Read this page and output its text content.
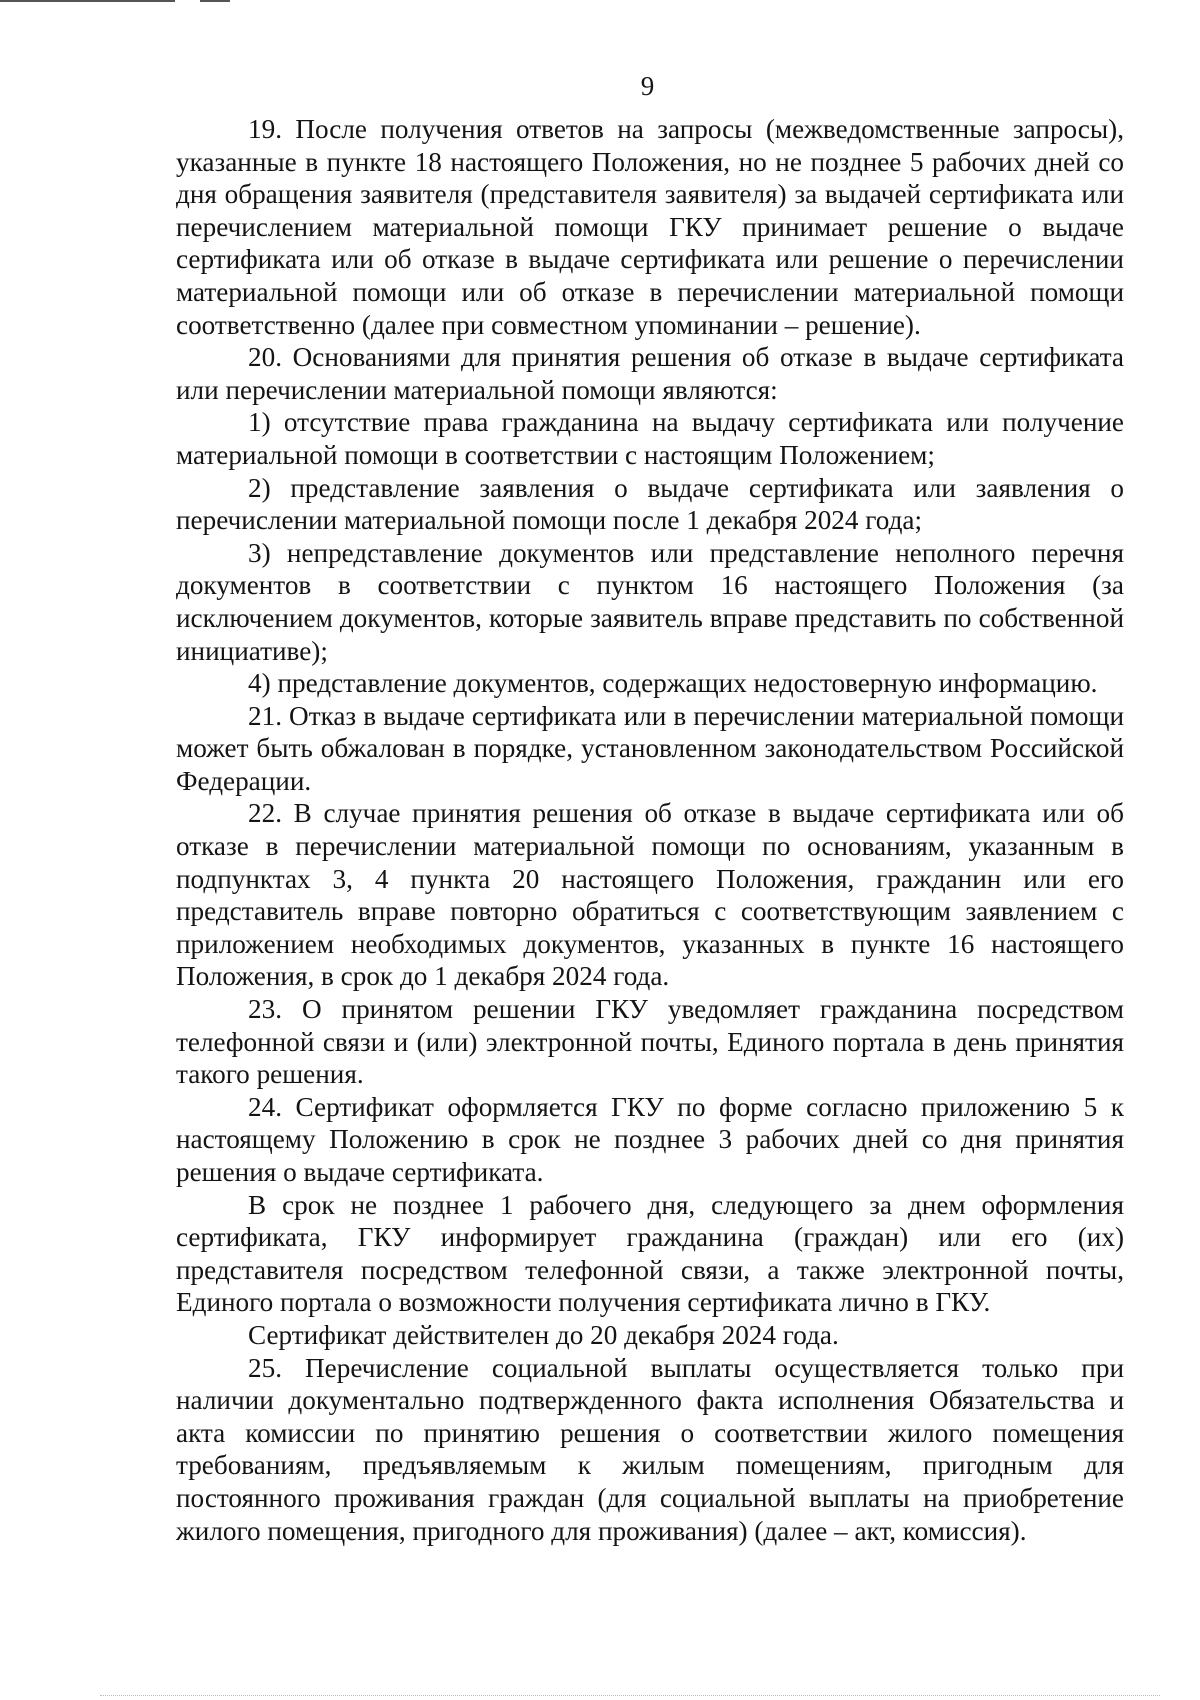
9

19. После получения ответов на запросы (межведомственные запросы), указанные в пункте 18 настоящего Положения, но не позднее 5 рабочих дней со дня обращения заявителя (представителя заявителя) за выдачей сертификата или перечислением материальной помощи ГКУ принимает решение о выдаче сертификата или об отказе в выдаче сертификата или решение о перечислении материальной помощи или об отказе в перечислении материальной помощи соответственно (далее при совместном упоминании – решение).

20. Основаниями для принятия решения об отказе в выдаче сертификата или перечислении материальной помощи являются:

1) отсутствие права гражданина на выдачу сертификата или получение материальной помощи в соответствии с настоящим Положением;

2) представление заявления о выдаче сертификата или заявления о перечислении материальной помощи после 1 декабря 2024 года;

3) непредставление документов или представление неполного перечня документов в соответствии с пунктом 16 настоящего Положения (за исключением документов, которые заявитель вправе представить по собственной инициативе);

4) представление документов, содержащих недостоверную информацию.

21. Отказ в выдаче сертификата или в перечислении материальной помощи может быть обжалован в порядке, установленном законодательством Российской Федерации.

22. В случае принятия решения об отказе в выдаче сертификата или об отказе в перечислении материальной помощи по основаниям, указанным в подпунктах 3, 4 пункта 20 настоящего Положения, гражданин или его представитель вправе повторно обратиться с соответствующим заявлением с приложением необходимых документов, указанных в пункте 16 настоящего Положения, в срок до 1 декабря 2024 года.

23. О принятом решении ГКУ уведомляет гражданина посредством телефонной связи и (или) электронной почты, Единого портала в день принятия такого решения.

24. Сертификат оформляется ГКУ по форме согласно приложению 5 к настоящему Положению в срок не позднее 3 рабочих дней со дня принятия решения о выдаче сертификата.

В срок не позднее 1 рабочего дня, следующего за днем оформления сертификата, ГКУ информирует гражданина (граждан) или его (их) представителя посредством телефонной связи, а также электронной почты, Единого портала о возможности получения сертификата лично в ГКУ.

Сертификат действителен до 20 декабря 2024 года.

25. Перечисление социальной выплаты осуществляется только при наличии документально подтвержденного факта исполнения Обязательства и акта комиссии по принятию решения о соответствии жилого помещения требованиям, предъявляемым к жилым помещениям, пригодным для постоянного проживания граждан (для социальной выплаты на приобретение жилого помещения, пригодного для проживания) (далее – акт, комиссия).
